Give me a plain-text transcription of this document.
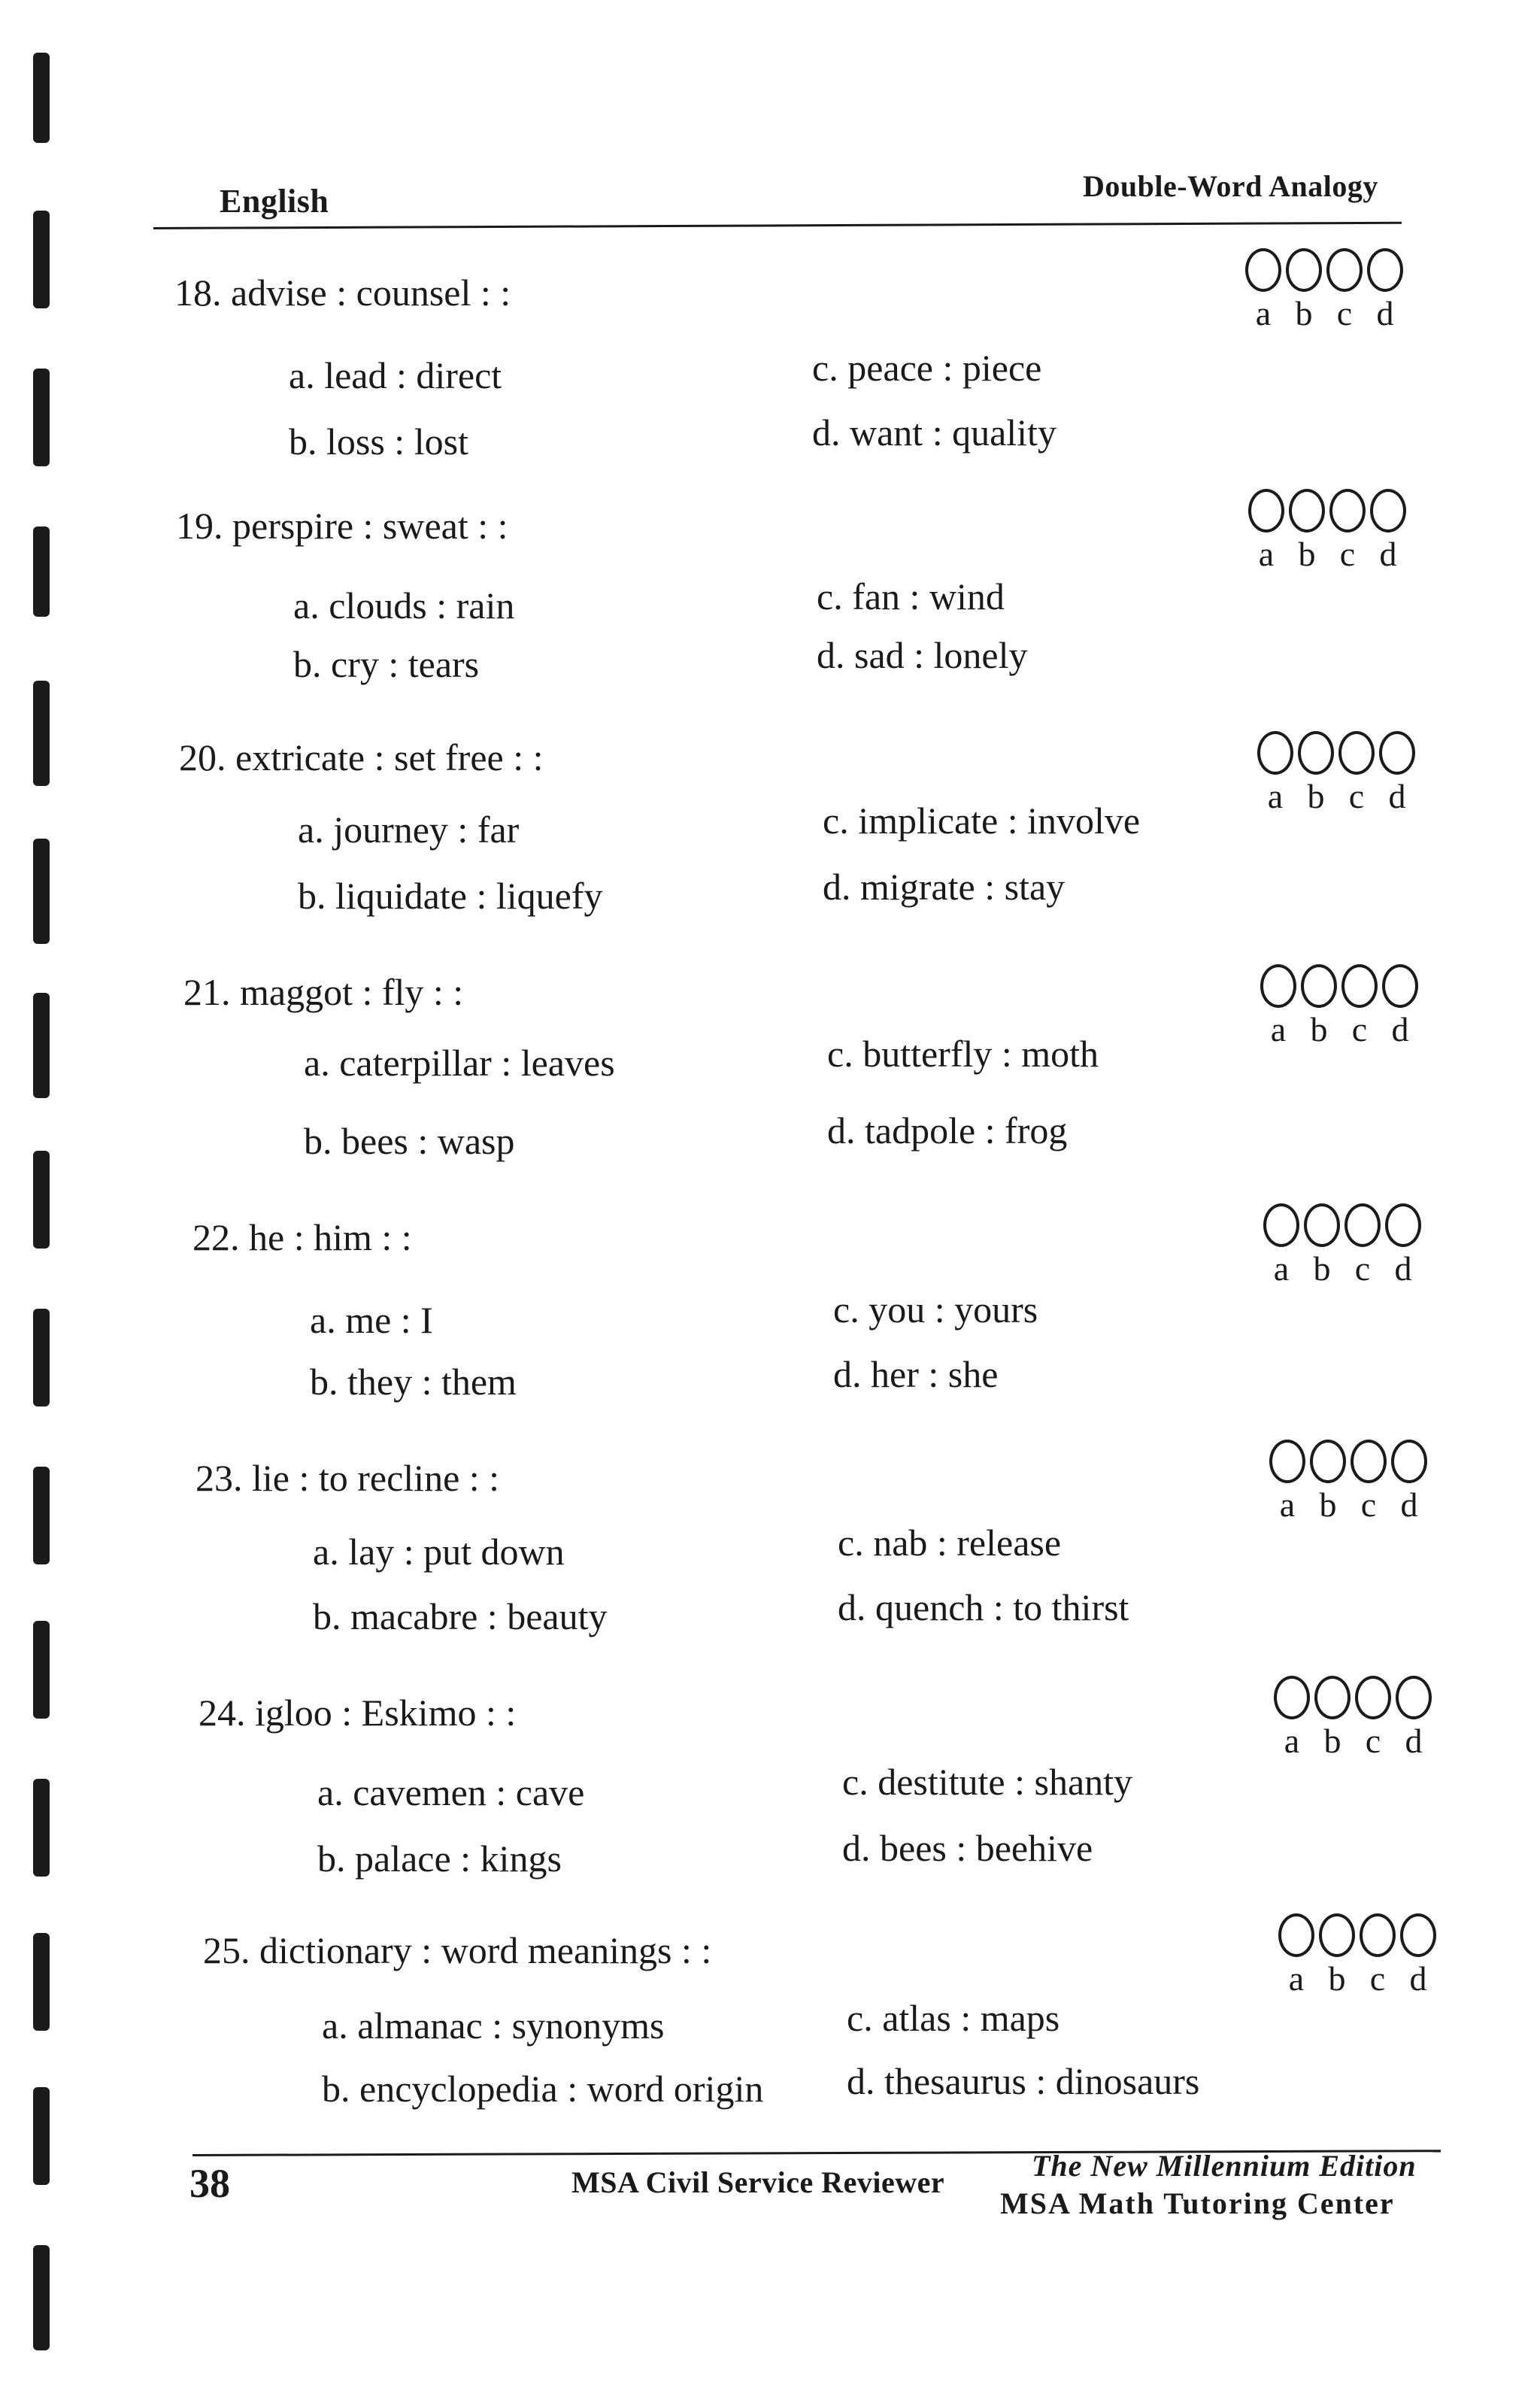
English	Double-Word Analogy
18. advise : counsel : :
a. lead : direct
b. loss : lost
c. peace : piece
d. want : quality
a b c d
19. perspire : sweat : :
a. clouds : rain
b. cry : tears
c. fan : wind
d. sad : lonely
a b c d
20. extricate : set free : :
a. journey : far
b. liquidate : liquefy
c. implicate : involve
d. migrate : stay
a b c d
21. maggot : fly : :
a. caterpillar : leaves
b. bees : wasp
c. butterfly : moth
d. tadpole : frog
a b c d
22. he : him : :
a. me : I
b. they : them
c. you : yours
d. her : she
a b c d
23. lie : to recline : :
a. lay : put down
b. macabre : beauty
c. nab : release
d. quench : to thirst
a b c d
24. igloo : Eskimo : :
a. cavemen : cave
b. palace : kings
c. destitute : shanty
d. bees : beehive
a b c d
25. dictionary : word meanings : :
a. almanac : synonyms
b. encyclopedia : word origin
c. atlas : maps
d. thesaurus : dinosaurs
a b c d
38	MSA Civil Service Reviewer	The New Millennium Edition
MSA Math Tutoring Center
